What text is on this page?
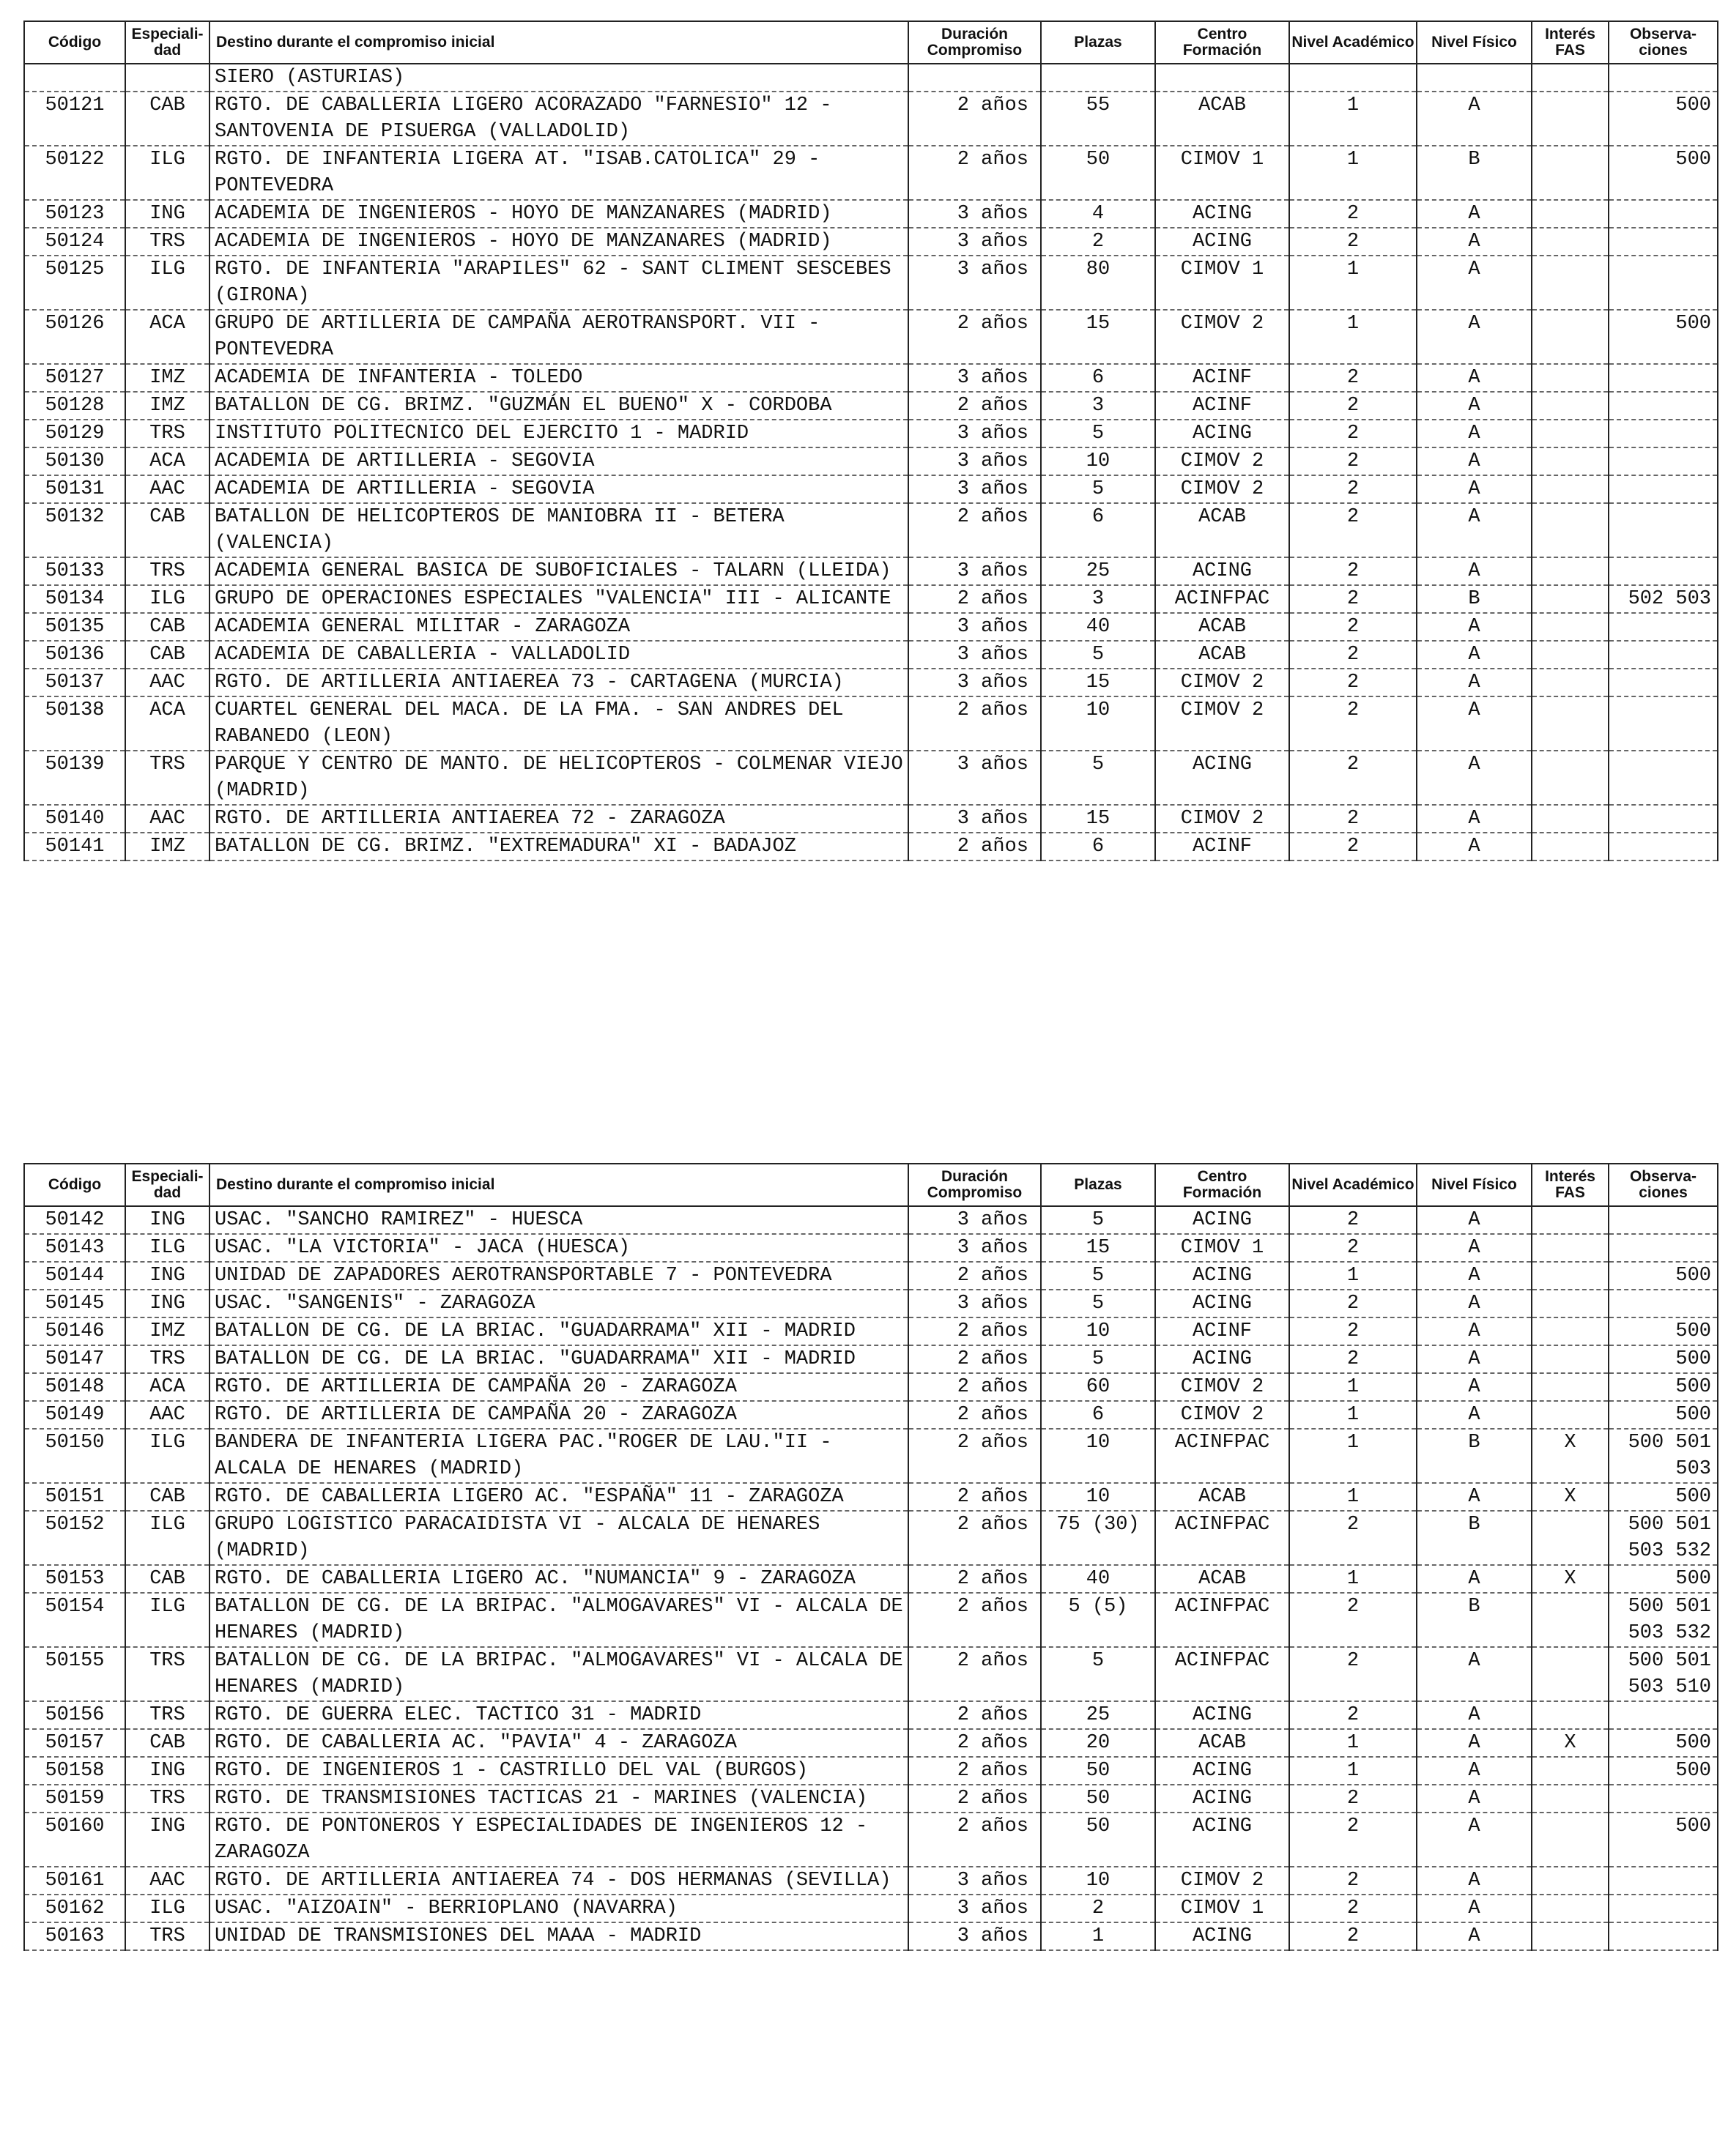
Código	Especiali-dad	Destino durante el compromiso inicial	Duración Compromiso	Plazas	Centro Formación	Nivel Académico	Nivel Físico	Interés FAS	Observa-ciones
		SIERO (ASTURIAS)							
50121	CAB	RGTO. DE CABALLERIA LIGERO ACORAZADO "FARNESIO" 12 - SANTOVENIA DE PISUERGA (VALLADOLID)	2 años	55	ACAB	1	A		500
50122	ILG	RGTO. DE INFANTERIA LIGERA AT. "ISAB.CATOLICA" 29 - PONTEVEDRA	2 años	50	CIMOV 1	1	B		500
50123	ING	ACADEMIA DE INGENIEROS - HOYO DE MANZANARES (MADRID)	3 años	4	ACING	2	A		
50124	TRS	ACADEMIA DE INGENIEROS - HOYO DE MANZANARES (MADRID)	3 años	2	ACING	2	A		
50125	ILG	RGTO. DE INFANTERIA "ARAPILES" 62 - SANT CLIMENT SESCEBES (GIRONA)	3 años	80	CIMOV 1	1	A		
50126	ACA	GRUPO DE ARTILLERIA DE CAMPAÑA AEROTRANSPORT. VII - PONTEVEDRA	2 años	15	CIMOV 2	1	A		500
50127	IMZ	ACADEMIA DE INFANTERIA - TOLEDO	3 años	6	ACINF	2	A		
50128	IMZ	BATALLON DE CG. BRIMZ. "GUZMÁN EL BUENO" X - CORDOBA	2 años	3	ACINF	2	A		
50129	TRS	INSTITUTO POLITECNICO DEL EJERCITO 1 - MADRID	3 años	5	ACING	2	A		
50130	ACA	ACADEMIA DE ARTILLERIA - SEGOVIA	3 años	10	CIMOV 2	2	A		
50131	AAC	ACADEMIA DE ARTILLERIA - SEGOVIA	3 años	5	CIMOV 2	2	A		
50132	CAB	BATALLON DE HELICOPTEROS DE MANIOBRA II - BETERA (VALENCIA)	2 años	6	ACAB	2	A		
50133	TRS	ACADEMIA GENERAL BASICA DE SUBOFICIALES - TALARN (LLEIDA)	3 años	25	ACING	2	A		
50134	ILG	GRUPO DE OPERACIONES ESPECIALES "VALENCIA" III - ALICANTE	2 años	3	ACINFPAC	2	B		502 503
50135	CAB	ACADEMIA GENERAL MILITAR - ZARAGOZA	3 años	40	ACAB	2	A		
50136	CAB	ACADEMIA DE CABALLERIA - VALLADOLID	3 años	5	ACAB	2	A		
50137	AAC	RGTO. DE ARTILLERIA ANTIAEREA 73 - CARTAGENA (MURCIA)	3 años	15	CIMOV 2	2	A		
50138	ACA	CUARTEL GENERAL DEL MACA. DE LA FMA. - SAN ANDRES DEL RABANEDO (LEON)	2 años	10	CIMOV 2	2	A		
50139	TRS	PARQUE Y CENTRO DE MANTO. DE HELICOPTEROS - COLMENAR VIEJO (MADRID)	3 años	5	ACING	2	A		
50140	AAC	RGTO. DE ARTILLERIA ANTIAEREA 72 - ZARAGOZA	3 años	15	CIMOV 2	2	A		
50141	IMZ	BATALLON DE CG. BRIMZ. "EXTREMADURA" XI - BADAJOZ	2 años	6	ACINF	2	A		
Código	Especiali-dad	Destino durante el compromiso inicial	Duración Compromiso	Plazas	Centro Formación	Nivel Académico	Nivel Físico	Interés FAS	Observa-ciones
50142	ING	USAC. "SANCHO RAMIREZ" - HUESCA	3 años	5	ACING	2	A		
50143	ILG	USAC. "LA VICTORIA" - JACA (HUESCA)	3 años	15	CIMOV 1	2	A		
50144	ING	UNIDAD DE ZAPADORES AEROTRANSPORTABLE 7 - PONTEVEDRA	2 años	5	ACING	1	A		500
50145	ING	USAC. "SANGENIS" - ZARAGOZA	3 años	5	ACING	2	A		
50146	IMZ	BATALLON DE CG. DE LA BRIAC. "GUADARRAMA" XII - MADRID	2 años	10	ACINF	2	A		500
50147	TRS	BATALLON DE CG. DE LA BRIAC. "GUADARRAMA" XII - MADRID	2 años	5	ACING	2	A		500
50148	ACA	RGTO. DE ARTILLERIA DE CAMPAÑA 20 - ZARAGOZA	2 años	60	CIMOV 2	1	A		500
50149	AAC	RGTO. DE ARTILLERIA DE CAMPAÑA 20 - ZARAGOZA	2 años	6	CIMOV 2	1	A		500
50150	ILG	BANDERA DE INFANTERIA LIGERA PAC."ROGER DE LAU."II - ALCALA DE HENARES (MADRID)	2 años	10	ACINFPAC	1	B	X	500 501 503
50151	CAB	RGTO. DE CABALLERIA LIGERO AC. "ESPAÑA" 11 - ZARAGOZA	2 años	10	ACAB	1	A	X	500
50152	ILG	GRUPO LOGISTICO PARACAIDISTA VI - ALCALA DE HENARES (MADRID)	2 años	75 (30)	ACINFPAC	2	B		500 501 503 532
50153	CAB	RGTO. DE CABALLERIA LIGERO AC. "NUMANCIA" 9 - ZARAGOZA	2 años	40	ACAB	1	A	X	500
50154	ILG	BATALLON DE CG. DE LA BRIPAC. "ALMOGAVARES" VI - ALCALA DE HENARES (MADRID)	2 años	5 (5)	ACINFPAC	2	B		500 501 503 532
50155	TRS	BATALLON DE CG. DE LA BRIPAC. "ALMOGAVARES" VI - ALCALA DE HENARES (MADRID)	2 años	5	ACINFPAC	2	A		500 501 503 510
50156	TRS	RGTO. DE GUERRA ELEC. TACTICO 31 - MADRID	2 años	25	ACING	2	A		
50157	CAB	RGTO. DE CABALLERIA AC. "PAVIA" 4 - ZARAGOZA	2 años	20	ACAB	1	A	X	500
50158	ING	RGTO. DE INGENIEROS 1 - CASTRILLO DEL VAL (BURGOS)	2 años	50	ACING	1	A		500
50159	TRS	RGTO. DE TRANSMISIONES TACTICAS 21 - MARINES (VALENCIA)	2 años	50	ACING	2	A		
50160	ING	RGTO. DE PONTONEROS Y ESPECIALIDADES DE INGENIEROS 12 - ZARAGOZA	2 años	50	ACING	2	A		500
50161	AAC	RGTO. DE ARTILLERIA ANTIAEREA 74 - DOS HERMANAS (SEVILLA)	3 años	10	CIMOV 2	2	A		
50162	ILG	USAC. "AIZOAIN" - BERRIOPLANO (NAVARRA)	3 años	2	CIMOV 1	2	A		
50163	TRS	UNIDAD DE TRANSMISIONES DEL MAAA - MADRID	3 años	1	ACING	2	A		
